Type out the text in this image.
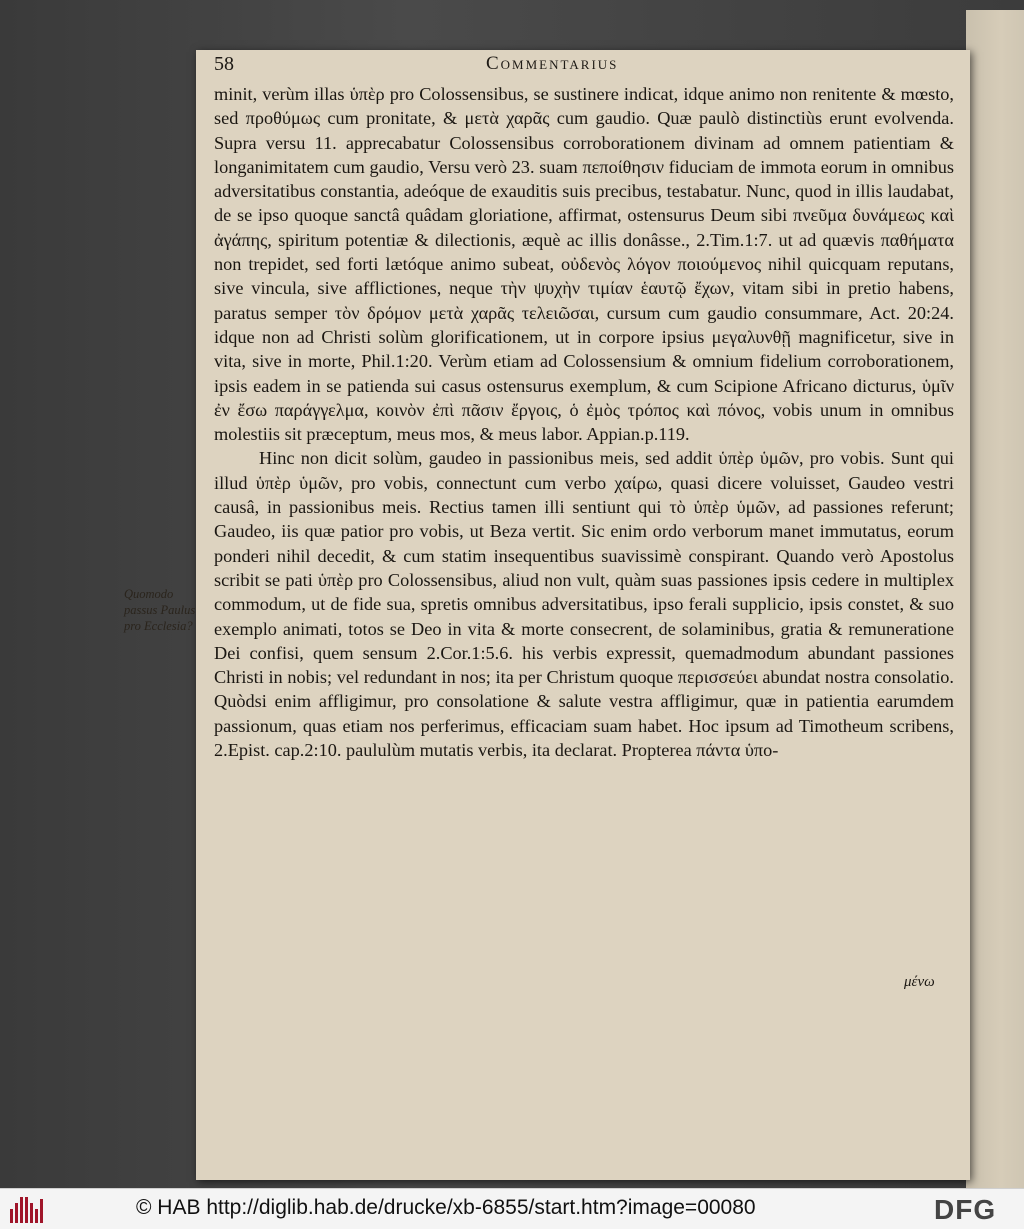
58	Commentarius
Quomodo passus Paulus pro Ecclesia?

minit, verùm illas ὑπὲρ pro Colossensibus, se sustinere indicat, idque animo non renitente & mœsto, sed προθύμως cum pronitate, & μετὰ χαρᾶς cum gaudio. Quæ paulò distinctiùs erunt evolvenda. Supra versu 11. apprecabatur Colossensibus corroborationem divinam ad omnem patientiam & longanimitatem cum gaudio, Versu verò 23. suam πεποίθησιν fiduciam de immota eorum in omnibus adversitatibus constantia, adeóque de exauditis suis precibus, testabatur. Nunc, quod in illis laudabat, de se ipso quoque sanctâ quâdam gloriatione, affirmat, ostensurus Deum sibi πνεῦμα δυνάμεως καὶ ἀγάπης, spiritum potentiæ & dilectionis, æquè ac illis donâsse., 2.Tim.1:7. ut ad quævis παθήματα non trepidet, sed forti lætóque animo subeat, οὐδενὸς λόγον ποιούμενος nihil quicquam reputans, sive vincula, sive afflictiones, neque τὴν ψυχὴν τιμίαν ἑαυτῷ ἔχων, vitam sibi in pretio habens, paratus semper τὸν δρόμον μετὰ χαρᾶς τελειῶσαι, cursum cum gaudio consummare, Act. 20:24. idque non ad Christi solùm glorificationem, ut in corpore ipsius μεγαλυνθῇ magnificetur, sive in vita, sive in morte, Phil.1:20. Verùm etiam ad Colossensium & omnium fidelium corroborationem, ipsis eadem in se patienda sui casus ostensurus exemplum, & cum Scipione Africano dicturus, ὑμῖν ἐν ἔσω παράγγελμα, κοινὸν ἐπὶ πᾶσιν ἔργοις, ὁ ἐμὸς τρόπος καὶ πόνος, vobis unum in omnibus molestiis sit præceptum, meus mos, & meus labor. Appian.p.119.

Hinc non dicit solùm, gaudeo in passionibus meis, sed addit ὑπὲρ ὑμῶν, pro vobis. Sunt qui illud ὑπὲρ ὑμῶν, pro vobis, connectunt cum verbo χαίρω, quasi dicere voluisset, Gaudeo vestri causâ, in passionibus meis. Rectius tamen illi sentiunt qui τὸ ὑπὲρ ὑμῶν, ad passiones referunt; Gaudeo, iis quæ patior pro vobis, ut Beza vertit. Sic enim ordo verborum manet immutatus, eorum ponderi nihil decedit, & cum statim insequentibus suavissimè conspirant. Quando verò Apostolus scribit se pati ὑπὲρ pro Colossensibus, aliud non vult, quàm suas passiones ipsis cedere in multiplex commodum, ut de fide sua, spretis omnibus adversitatibus, ipso ferali supplicio, ipsis constet, & suo exemplo animati, totos se Deo in vita & morte consecrent, de solaminibus, gratia & remuneratione Dei confisi, quem sensum 2.Cor.1:5.6. his verbis expressit, quemadmodum abundant passiones Christi in nobis; vel redundant in nos; ita per Christum quoque περισσεύει abundat nostra consolatio. Quòdsi enim affligimur, pro consolatione & salute vestra affligimur, quæ in patientia earumdem passionum, quas etiam nos perferimus, efficaciam suam habet. Hoc ipsum ad Timotheum scribens, 2.Epist. cap.2:10. paululùm mutatis verbis, ita declarat. Propterea πάντα ὑπο-

μένω
© HAB http://diglib.hab.de/drucke/xb-6855/start.htm?image=00080	DFG
